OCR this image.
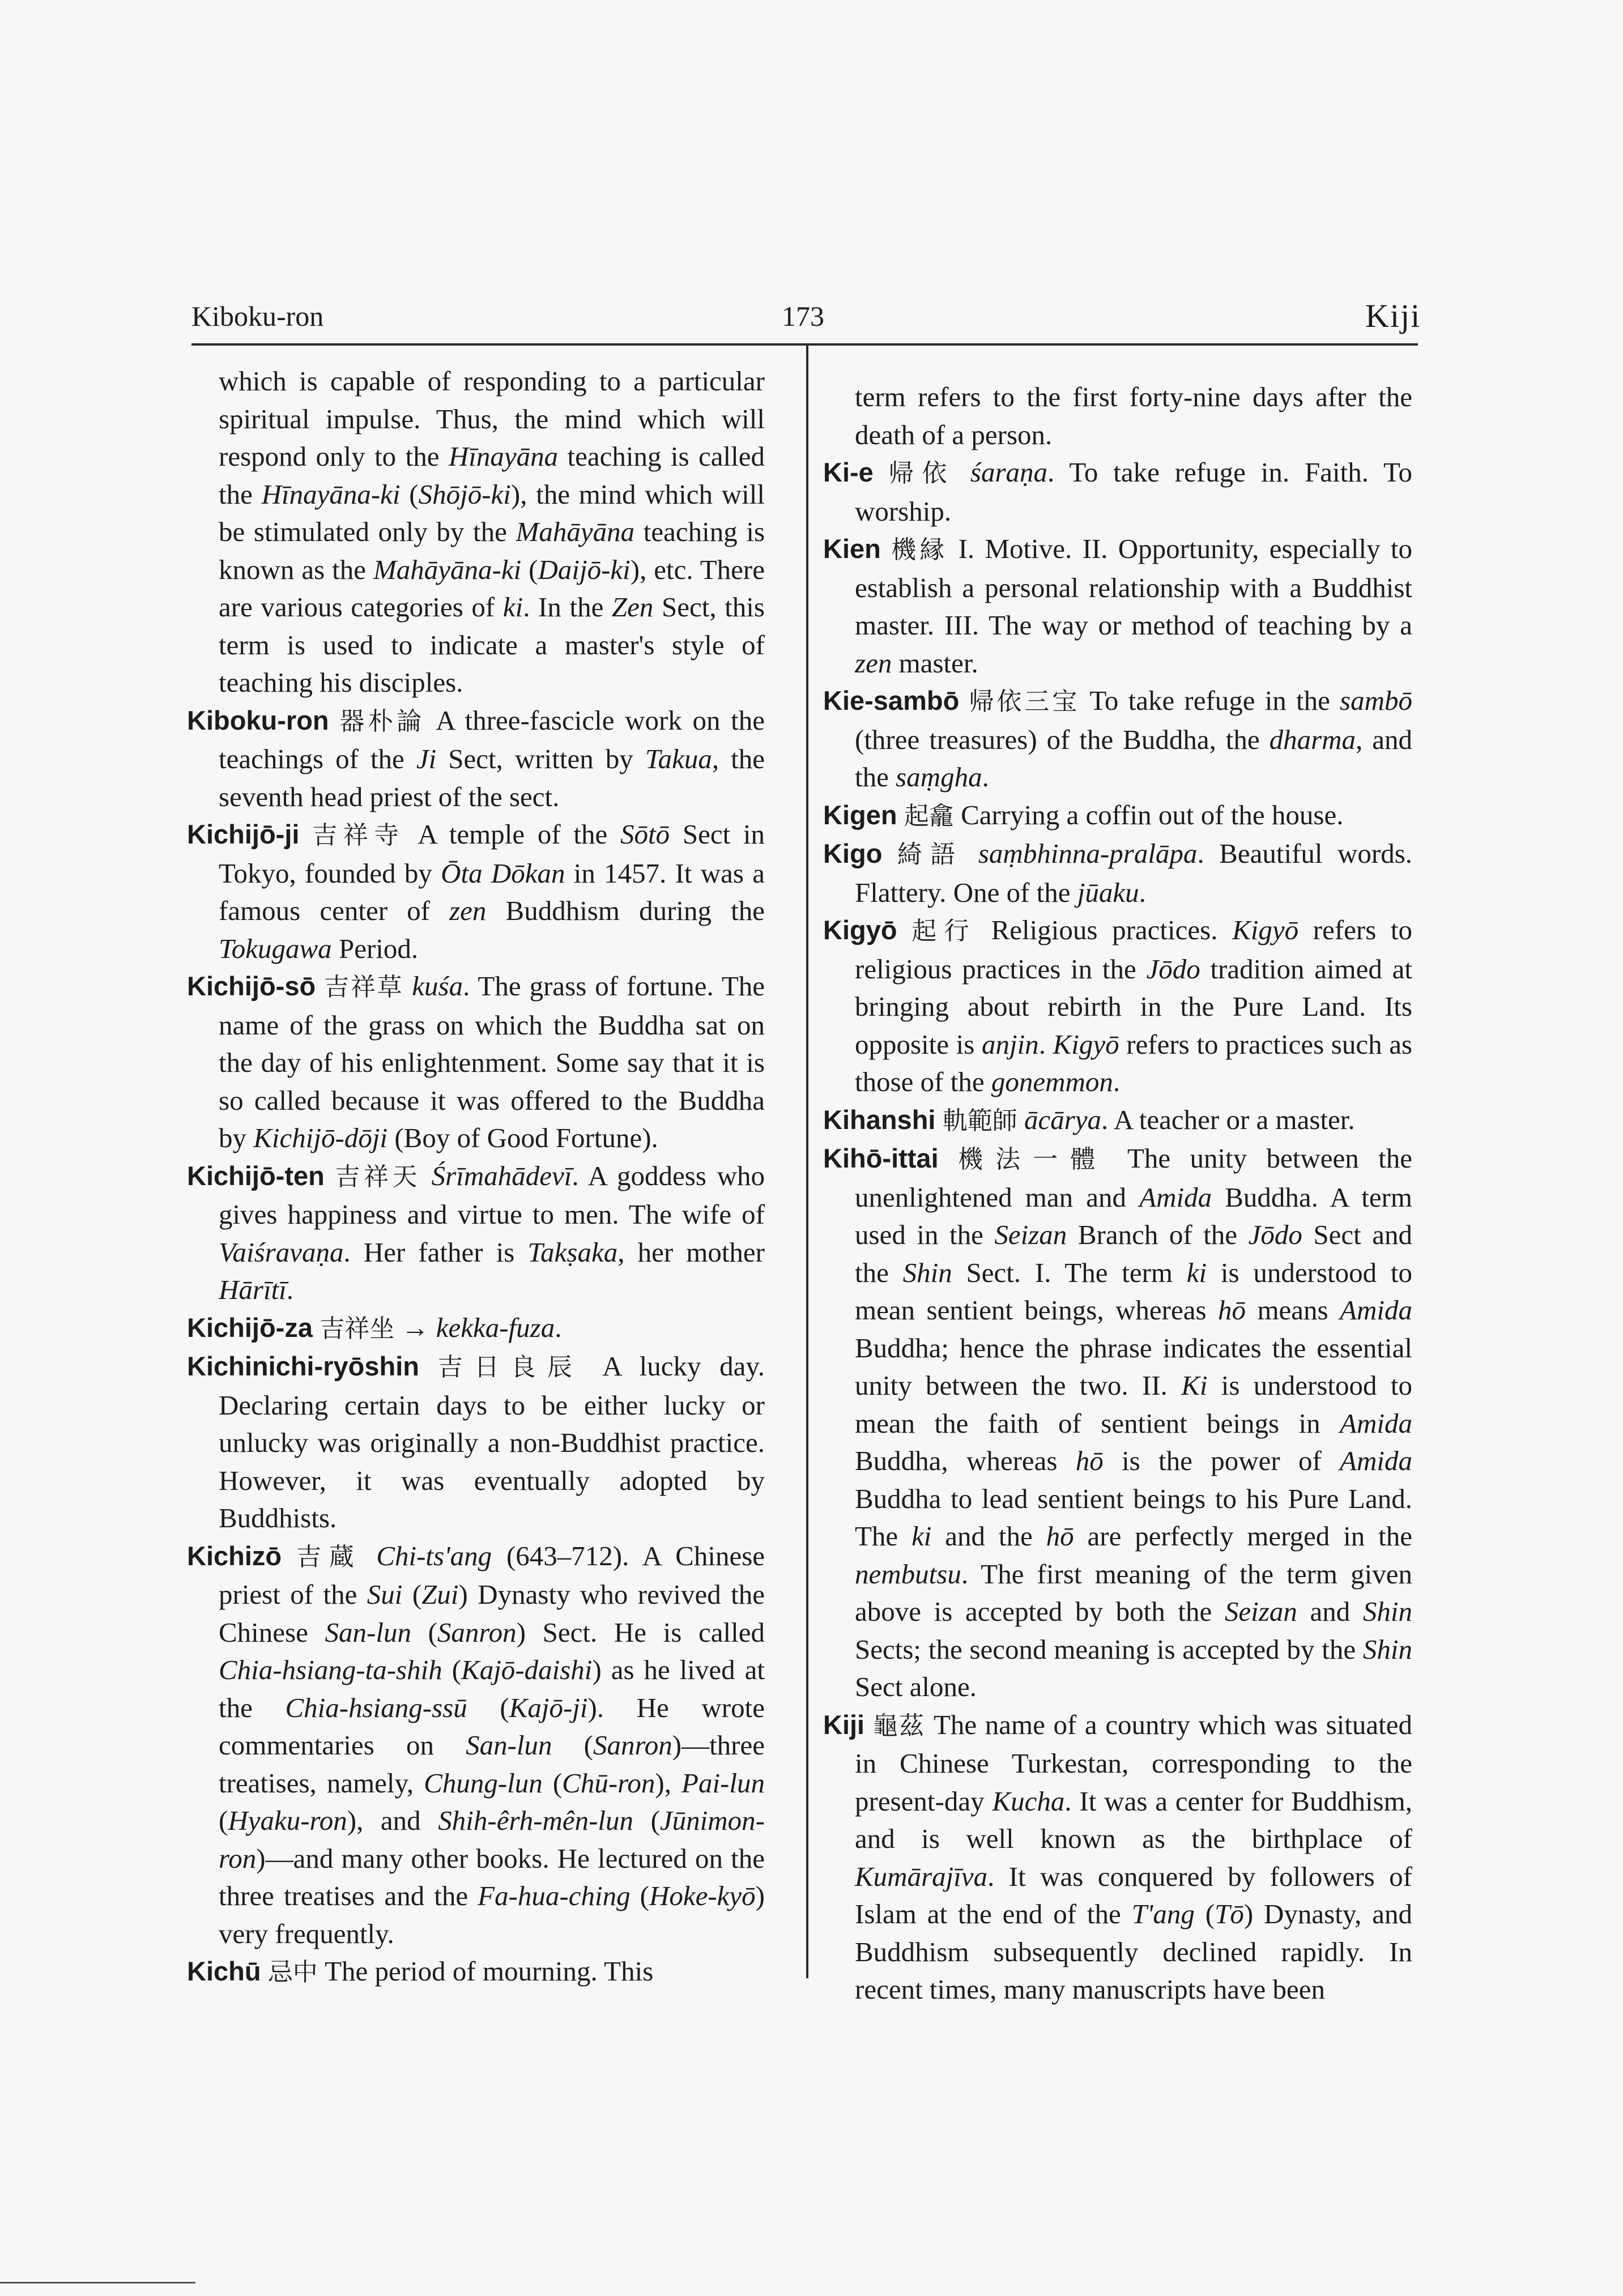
Kiboku-ron	173	Kiji

which is capable of responding to a particular spiritual impulse. Thus, the mind which will respond only to the Hīnayāna teaching is called the Hīnayāna-ki (Shōjō-ki), the mind which will be stimulated only by the Mahāyāna teaching is known as the Mahāyāna-ki (Daijō-ki), etc. There are various categories of ki. In the Zen Sect, this term is used to indicate a master's style of teaching his disciples.

Kiboku-ron 器朴論 A three-fascicle work on the teachings of the Ji Sect, written by Takua, the seventh head priest of the sect.

Kichijō-ji 吉祥寺 A temple of the Sōtō Sect in Tokyo, founded by Ōta Dōkan in 1457. It was a famous center of zen Buddhism during the Tokugawa Period.

Kichijō-sō 吉祥草 kuśa. The grass of fortune. The name of the grass on which the Buddha sat on the day of his enlightenment. Some say that it is so called because it was offered to the Buddha by Kichijō-dōji (Boy of Good Fortune).

Kichijō-ten 吉祥天 Śrīmahādevī. A goddess who gives happiness and virtue to men. The wife of Vaiśravaṇa. Her father is Takṣaka, her mother Hārītī.

Kichijō-za 吉祥坐 → kekka-fuza.

Kichinichi-ryōshin 吉日良辰 A lucky day. Declaring certain days to be either lucky or unlucky was originally a non-Buddhist practice. However, it was eventually adopted by Buddhists.

Kichizō 吉蔵 Chi-ts'ang (643–712). A Chinese priest of the Sui (Zui) Dynasty who revived the Chinese San-lun (Sanron) Sect. He is called Chia-hsiang-ta-shih (Kajō-daishi) as he lived at the Chia-hsiang-ssū (Kajō-ji). He wrote commentaries on San-lun (Sanron)—three treatises, namely, Chung-lun (Chū-ron), Pai-lun (Hyaku-ron), and Shih-êrh-mên-lun (Jūnimon-ron)—and many other books. He lectured on the three treatises and the Fa-hua-ching (Hoke-kyō) very frequently.

Kichū 忌中 The period of mourning. This

term refers to the first forty-nine days after the death of a person.

Ki-e 帰依 śaraṇa. To take refuge in. Faith. To worship.

Kien 機縁 I. Motive. II. Opportunity, especially to establish a personal relationship with a Buddhist master. III. The way or method of teaching by a zen master.

Kie-sambō 帰依三宝 To take refuge in the sambō (three treasures) of the Buddha, the dharma, and the saṃgha.

Kigen 起龕 Carrying a coffin out of the house.

Kigo 綺語 saṃbhinna-pralāpa. Beautiful words. Flattery. One of the jūaku.

Kigyō 起行 Religious practices. Kigyō refers to religious practices in the Jōdo tradition aimed at bringing about rebirth in the Pure Land. Its opposite is anjin. Kigyō refers to practices such as those of the gonemmon.

Kihanshi 軌範師 ācārya. A teacher or a master.

Kihō-ittai 機法一體 The unity between the unenlightened man and Amida Buddha. A term used in the Seizan Branch of the Jōdo Sect and the Shin Sect. I. The term ki is understood to mean sentient beings, whereas hō means Amida Buddha; hence the phrase indicates the essential unity between the two. II. Ki is understood to mean the faith of sentient beings in Amida Buddha, whereas hō is the power of Amida Buddha to lead sentient beings to his Pure Land. The ki and the hō are perfectly merged in the nembutsu. The first meaning of the term given above is accepted by both the Seizan and Shin Sects; the second meaning is accepted by the Shin Sect alone.

Kiji 龜茲 The name of a country which was situated in Chinese Turkestan, corresponding to the present-day Kucha. It was a center for Buddhism, and is well known as the birthplace of Kumārajīva. It was conquered by followers of Islam at the end of the T'ang (Tō) Dynasty, and Buddhism subsequently declined rapidly. In recent times, many manuscripts have been
